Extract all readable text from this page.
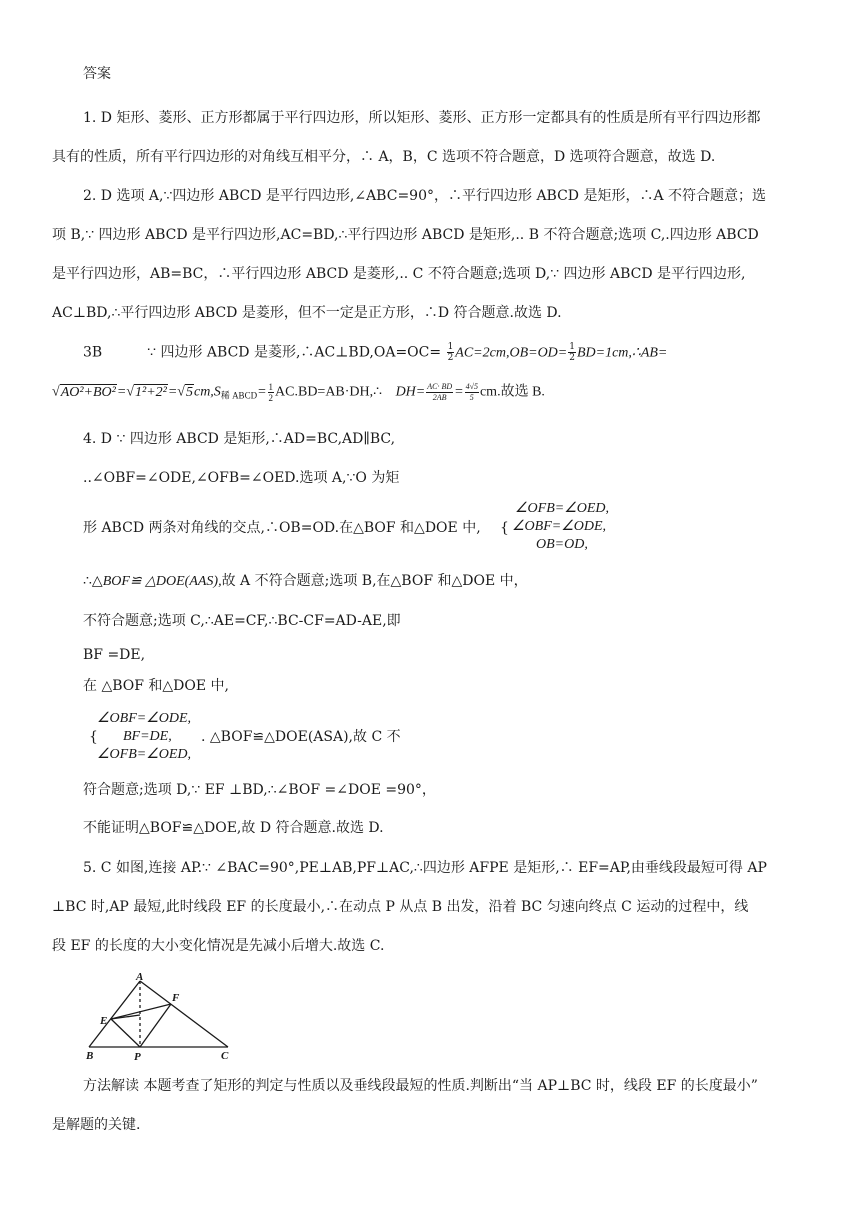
答案
1. D 矩形、菱形、正方形都属于平行四边形，所以矩形、菱形、正方形一定都具有的性质是所有平行四边形都
具有的性质，所有平行四边形的对角线互相平分，∴ A，B，C 选项不符合题意，D 选项符合题意，故选 D.
2. D 选项 A,∵四边形 ABCD 是平行四边形,∠ABC=90°，∴平行四边形 ABCD 是矩形，∴A 不符合题意；选
项 B,∵ 四边形 ABCD 是平行四边形,AC=BD,∴平行四边形 ABCD 是矩形,.. B 不符合题意;选项 C,.四边形 ABCD
是平行四边形，AB=BC，∴平行四边形 ABCD 是菱形,.. C 不符合题意;选项 D,∵ 四边形 ABCD 是平行四边形,
AC⊥BD,∴平行四边形 ABCD 是菱形，但不一定是正方形，∴D 符合题意.故选 D.
3B	∵ 四边形 ABCD 是菱形,∴AC⊥BD,OA=OC= $\frac{1}{2} AC=2cm,OB=OD= \frac{1}{2}$ BD=1cm,∴AB=
$√AO^2+BO^2=√1^2+2^2=√5cm,S_{稀 ABCD}= \frac{1}{2}$ AC.BD=AB·DH,∴ $DH= \frac{AC\cdot BD}{2AB} = \frac{4√5}{5}$ cm.故选 B.
4. D ∵ 四边形 ABCD 是矩形,∴AD=BC,AD∥BC,
..∠OBF=∠ODE,∠OFB=∠OED.选项 A,∵O 为矩
∠OFB=∠OED,
∠OBF=∠ODE,
OB=OD,
形 ABCD 两条对角线的交点,∴OB=OD.在△BOF 和△DOE 中, {
∴△BOF≌ △DOE(AAS),故 A 不符合题意;选项 B,在△BOF 和△DOE 中，
不符合题意;选项 C,∴AE=CF,∴BC-CF=AD-AE,即
BF =DE,
在 △BOF 和△DOE 中,
∠OBF=∠ODE,
BF=DE,
∠OFB=∠OED,
{	. △BOF≌△DOE(ASA),故 C 不
符合题意;选项 D,∵ EF ⊥BD,∴∠BOF =∠DOE =90°，
不能证明△BOF≌△DOE,故 D 符合题意.故选 D.
5. C 如图,连接 AP.∵ ∠BAC=90°,PE⊥AB,PF⊥AC,∴四边形 AFPE 是矩形,∴ EF=AP,由垂线段最短可得 AP
⊥BC 时,AP 最短,此时线段 EF 的长度最小,∴在动点 P 从点 B 出发，沿着 BC 匀速向终点 C 运动的过程中，线
段 EF 的长度的大小变化情况是先减小后增大.故选 C.
A
F
E
B	P	C
方法解读 本题考查了矩形的判定与性质以及垂线段最短的性质.判断出“当 AP⊥BC 时，线段 EF 的长度最小”
是解题的关键.
